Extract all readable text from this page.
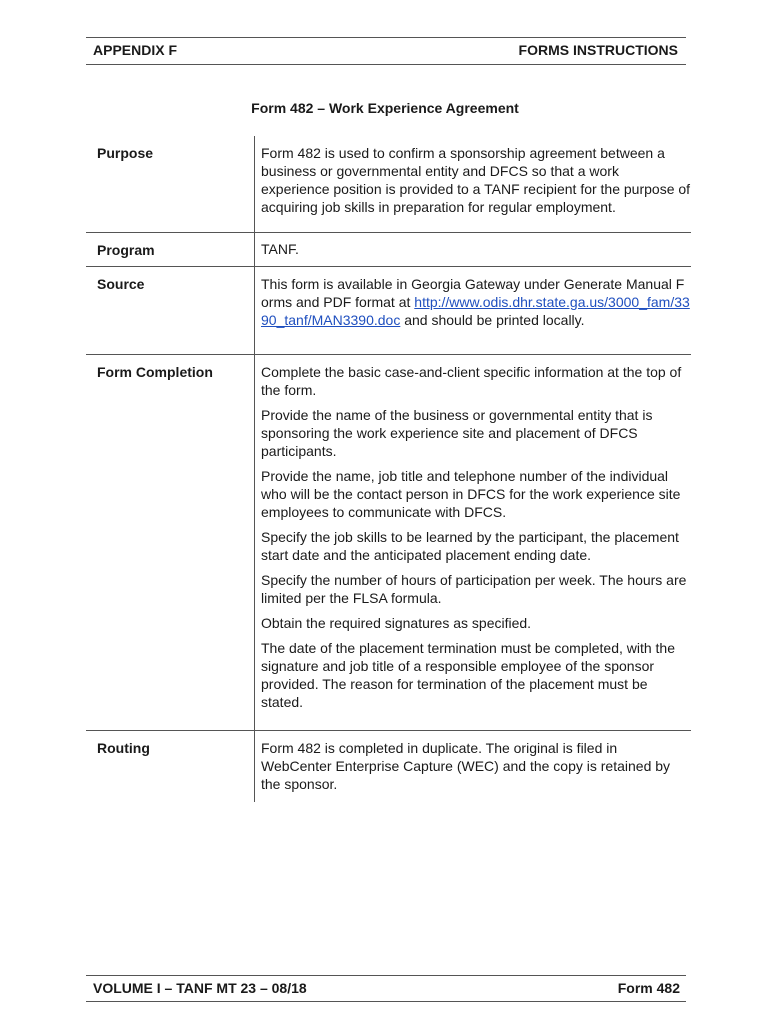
APPENDIX F	FORMS INSTRUCTIONS
Form 482 – Work Experience Agreement
Purpose	Form 482 is used to confirm a sponsorship agreement between a business or governmental entity and DFCS so that a work experience position is provided to a TANF recipient for the purpose of acquiring job skills in preparation for regular employment.

Program	TANF.

Source	This form is available in Georgia Gateway under Generate Manual Forms and PDF format at http://www.odis.dhr.state.ga.us/3000_fam/3390_tanf/MAN3390.doc and should be printed locally.

Form Completion	Complete the basic case-and-client specific information at the top of the form.

Provide the name of the business or governmental entity that is sponsoring the work experience site and placement of DFCS participants.

Provide the name, job title and telephone number of the individual who will be the contact person in DFCS for the work experience site employees to communicate with DFCS.

Specify the job skills to be learned by the participant, the placement start date and the anticipated placement ending date.

Specify the number of hours of participation per week. The hours are limited per the FLSA formula.

Obtain the required signatures as specified.

The date of the placement termination must be completed, with the signature and job title of a responsible employee of the sponsor provided. The reason for termination of the placement must be stated.

Routing	Form 482 is completed in duplicate. The original is filed in WebCenter Enterprise Capture (WEC) and the copy is retained by the sponsor.

VOLUME I – TANF MT 23 – 08/18	Form 482
